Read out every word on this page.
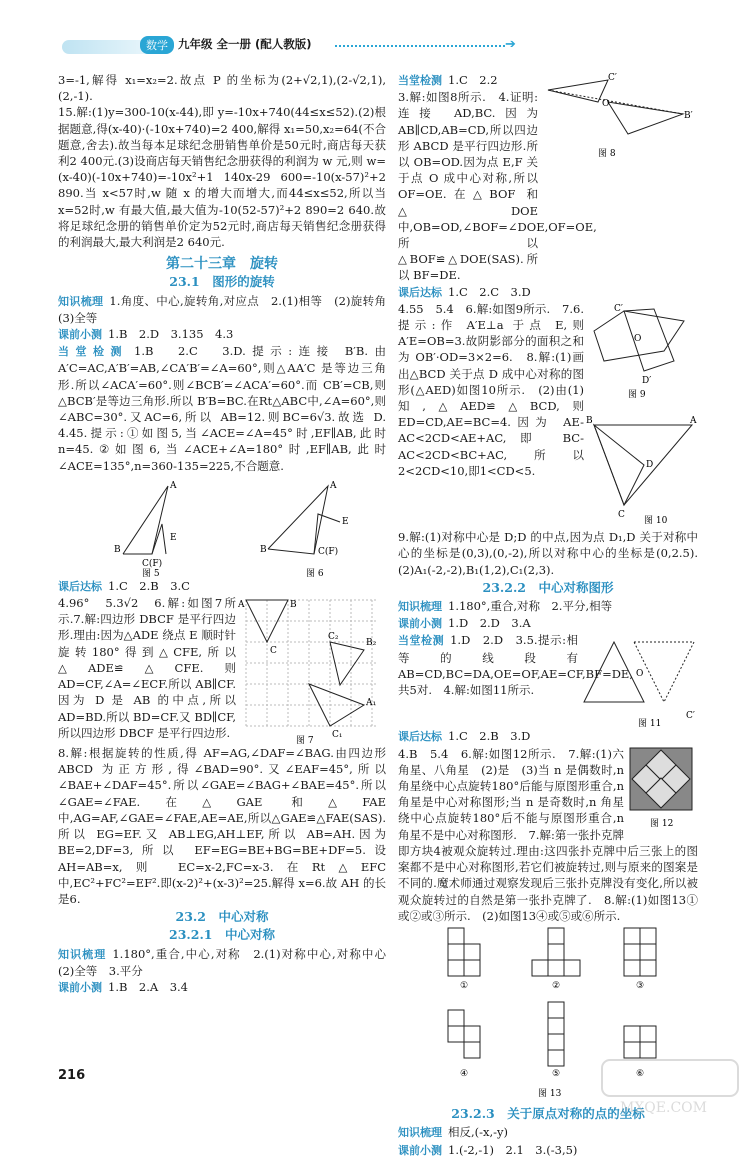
数学 九年级 全一册 (配人教版)	➔

3=-1,解得 x₁=x₂=2.故点 P 的坐标为(2+√2,1),(2-√2,1),(2,-1).

15.解:(1)y=300-10(x-44),即 y=-10x+740(44≤x≤52).(2)根据题意,得(x-40)·(-10x+740)=2 400,解得 x₁=50,x₂=64(不合题意,舍去).故当每本足球纪念册销售单价是50元时,商店每天获利2 400元.(3)设商店每天销售纪念册获得的利润为 w 元,则 w=(x-40)(-10x+740)=-10x²+1 140x-29 600=-10(x-57)²+2 890.当 x<57时,w 随 x 的增大而增大,而44≤x≤52,所以当 x=52时,w 有最大值,最大值为-10(52-57)²+2 890=2 640.故将足球纪念册的销售单价定为52元时,商店每天销售纪念册获得的利润最大,最大利润是2 640元.

第二十三章　旋转
23.1　图形的旋转

知识梳理 1.角度、中心,旋转角,对应点　2.(1)相等　(2)旋转角　(3)全等

课前小测 1.B　2.D　3.135　4.3

当堂检测 1.B　2.C　3.D.提示:连接 B′B.由 A′C=AC,A′B′=AB,∠CA′B′=∠A=60°,则△AA′C 是等边三角形.所以∠ACA′=60°.则∠BCB′=∠ACA′=60°.而 CB′=CB,则△BCB′是等边三角形.所以 B′B=BC.在Rt△ABC中,∠A=60°,则∠ABC=30°.又AC=6,所以 AB=12.则BC=6√3.故选 D.　4.45.提示:①如图5,当∠ACE=∠A=45°时,EF∥AB,此时 n=45.②如图6,当∠ACE+∠A=180°时,EF∥AB,此时∠ACE=135°,n=360-135=225,不合题意.

B
A
C(F)
E
B
A
C(F)
E
图 5	图 6

课后达标 1.C　2.B　3.C

4.96°　5.3√2　6.解:如图7所示.7.解:四边形 DBCF 是平行四边形.理由:因为△ADE 绕点 E 顺时针旋转180°得到△CFE,所以△ADE≌△CFE.则 AD=CF,∠A=∠ECF.所以 AB∥CF.因为 D 是 AB 的中点,所以 AD=BD.所以 BD=CF.又 BD∥CF,所以四边形 DBCF 是平行四边形.

A	B
C
B₂
C₂
A₁
C₁
图 7

8.解:根据旋转的性质,得 AF=AG,∠DAF=∠BAG.由四边形 ABCD 为正方形,得∠BAD=90°.又∠EAF=45°,所以∠BAE+∠DAF=45°.所以∠GAE=∠BAG+∠BAE=45°.所以∠GAE=∠FAE.在△GAE 和△FAE中,AG=AF,∠GAE=∠FAE,AE=AE,所以△GAE≌△FAE(SAS).所以 EG=EF.又 AB⊥EG,AH⊥EF,所以 AB=AH.因为 BE=2,DF=3,所以 EF=EG=BE+BG=BE+DF=5.设 AH=AB=x,则 EC=x-2,FC=x-3.在Rt△EFC中,EC²+FC²=EF².即(x-2)²+(x-3)²=25.解得 x=6.故 AH 的长是6.

23.2　中心对称
23.2.1　中心对称

知识梳理 1.180°,重合,中心,对称　2.(1)对称中心,对称中心　(2)全等　3.平分

课前小测 1.B　2.A　3.4

当堂检测 1.C　2.2

3.解:如图8所示.　4.证明:连接 AD,BC.因为 AB∥CD,AB=CD,所以四边形 ABCD 是平行四边形.所以 OB=OD.因为点 E,F 关于点 O 成中心对称,所以 OF=OE.在△BOF 和△DOE 中,OB=OD,∠BOF=∠DOE,OF=OE,所以△BOF≌△DOE(SAS).所以 BF=DE.

O
B′
C′
图 8

课后达标 1.C　2.C　3.D

4.55　5.4　6.解:如图9所示.　7.6.提示:作 A′E⊥a 于点 E,则 A′E=OB=3.故阴影部分的面积之和为 OB′·OD=3×2=6.　8.解:(1)画出△BCD 关于点 D 成中心对称的图形(△AED)如图10所示.　(2)由(1)知,△AED≌△BCD,则 ED=CD,AE=BC=4.因为 AE-AC<2CD<AE+AC,即 BC-AC<2CD<BC+AC,所以2<2CD<10,即1<CD<5.

C′
O
D′
图 9

B	A
D
C
图 10

9.解:(1)对称中心是 D;D 的中点,因为点 D₁,D 关于对称中心的坐标是(0,3),(0,-2),所以对称中心的坐标是(0,2.5).　(2)A₁(-2,-2),B₁(1,2),C₁(2,3).

23.2.2　中心对称图形

知识梳理 1.180°,重合,对称　2.平分,相等

课前小测 1.D　2.D　3.A

当堂检测 1.D　2.D　3.5.提示:相等的线段有 AB=CD,BC=DA,OE=OF,AE=CF,BF=DE,共5对.　4.解:如图11所示.

O
C′
图 11

课后达标 1.C　2.B　3.D

图 12

4.B　5.4　6.解:如图12所示.　7.解:(1)六角星、八角星　(2)是　(3)当 n 是偶数时,n 角星绕中心点旋转180°后能与原图形重合,n 角星是中心对称图形;当 n 是奇数时,n 角星绕中心点旋转180°后不能与原图形重合,n 角星不是中心对称图形.　7.解:第一张扑克牌即方块4被观众旋转过.理由:这四张扑克牌中后三张上的图案都不是中心对称图形,若它们被旋转过,则与原来的图案是不同的.魔术师通过观察发现后三张扑克牌没有变化,所以被观众旋转过的自然是第一张扑克牌了.　8.解:(1)如图13①或②或③所示.　(2)如图13④或⑤或⑥所示.

①	②	③
④	⑤	⑥
图 13
23.2.3　关于原点对称的点的坐标

知识梳理 相反,(-x,-y)

课前小测 1.(-2,-1)　2.1　3.(-3,5)

216
MXQE.COM
